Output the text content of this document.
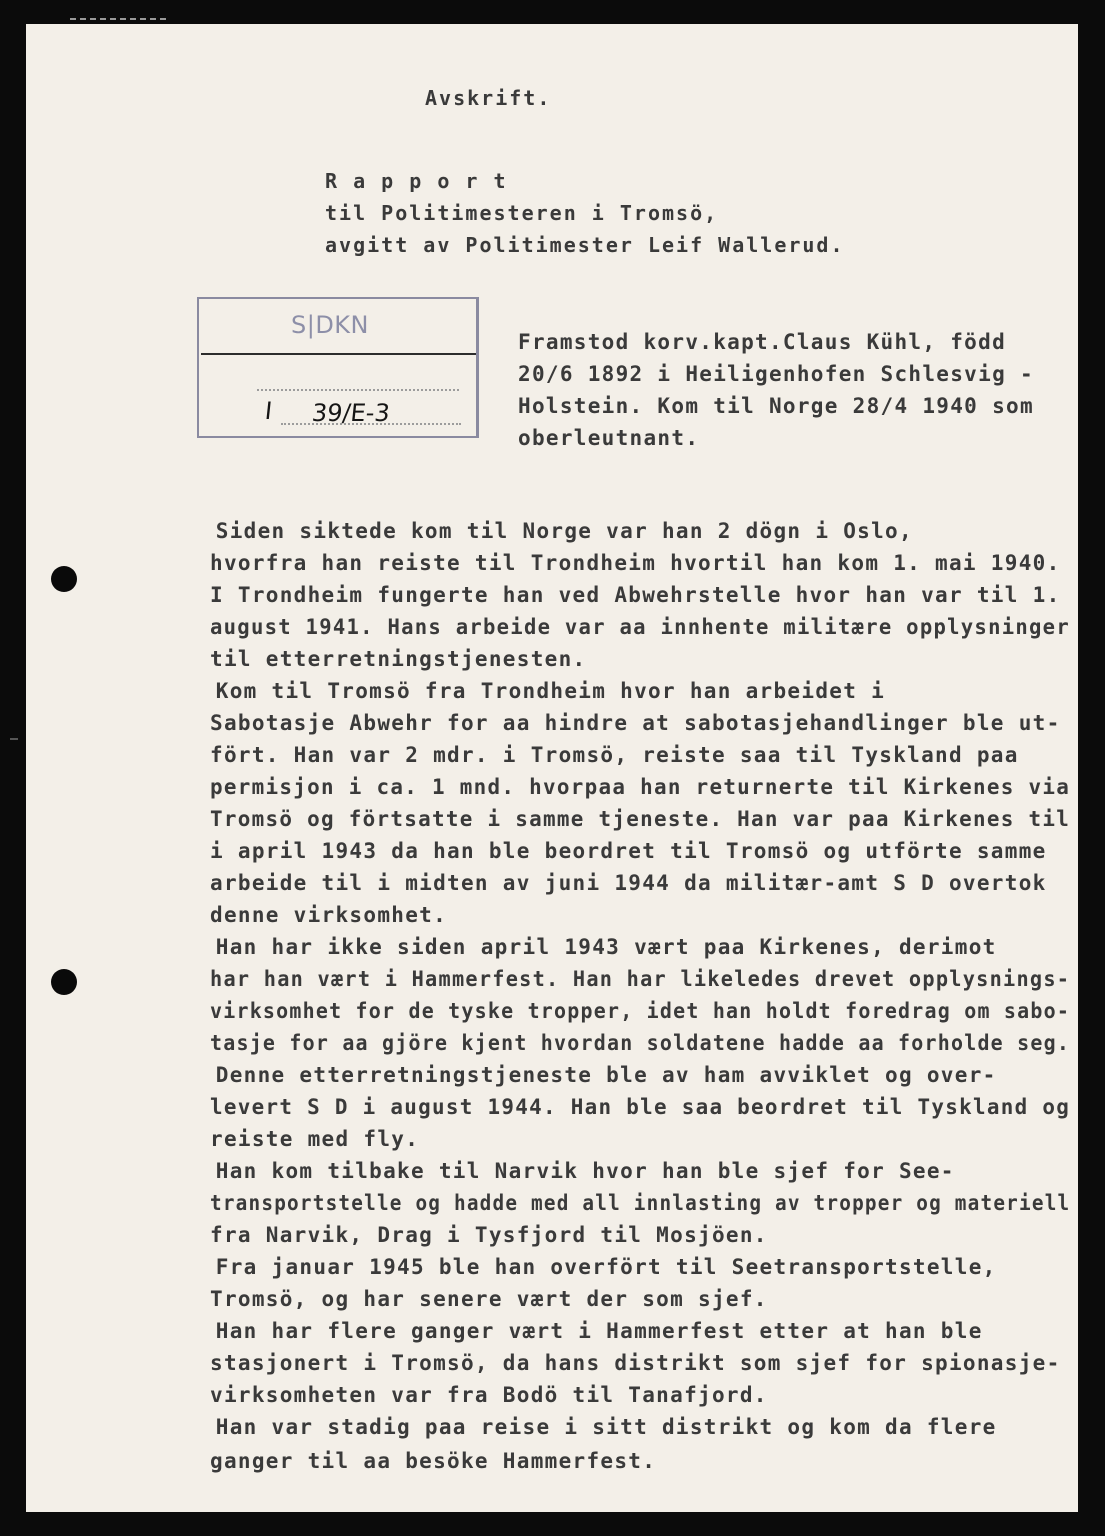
Avskrift.
R a p p o r t
til Politimesteren i Tromsö,
avgitt av Politimester Leif Wallerud.
S|DKN
I 39/E-3
Framstod korv.kapt.Claus Kühl, född
20/6 1892 i Heiligenhofen Schlesvig -
Holstein. Kom til Norge 28/4 1940 som
oberleutnant.
Siden siktede kom til Norge var han 2 dögn i Oslo,
hvorfra han reiste til Trondheim hvortil han kom 1. mai 1940.
I Trondheim fungerte han ved Abwehrstelle hvor han var til 1.
august 1941. Hans arbeide var aa innhente militære opplysninger
til etterretningstjenesten.
Kom til Tromsö fra Trondheim hvor han arbeidet i
Sabotasje Abwehr for aa hindre at sabotasjehandlinger ble ut-
fört. Han var 2 mdr. i Tromsö, reiste saa til Tyskland paa
permisjon i ca. 1 mnd. hvorpaa han returnerte til Kirkenes via
Tromsö og förtsatte i samme tjeneste. Han var paa Kirkenes til
i april 1943 da han ble beordret til Tromsö og utförte samme
arbeide til i midten av juni 1944 da militær-amt S D overtok
denne virksomhet.
Han har ikke siden april 1943 vært paa Kirkenes, derimot
har han vært i Hammerfest. Han har likeledes drevet opplysnings-
virksomhet for de tyske tropper, idet han holdt foredrag om sabo-
tasje for aa gjöre kjent hvordan soldatene hadde aa forholde seg.
Denne etterretningstjeneste ble av ham avviklet og over-
levert S D i august 1944. Han ble saa beordret til Tyskland og
reiste med fly.
Han kom tilbake til Narvik hvor han ble sjef for See-
transportstelle og hadde med all innlasting av tropper og materiell
fra Narvik, Drag i Tysfjord til Mosjöen.
Fra januar 1945 ble han overfört til Seetransportstelle,
Tromsö, og har senere vært der som sjef.
Han har flere ganger vært i Hammerfest etter at han ble
stasjonert i Tromsö, da hans distrikt som sjef for spionasje-
virksomheten var fra Bodö til Tanafjord.
Han var stadig paa reise i sitt distrikt og kom da flere
ganger til aa besöke Hammerfest.
